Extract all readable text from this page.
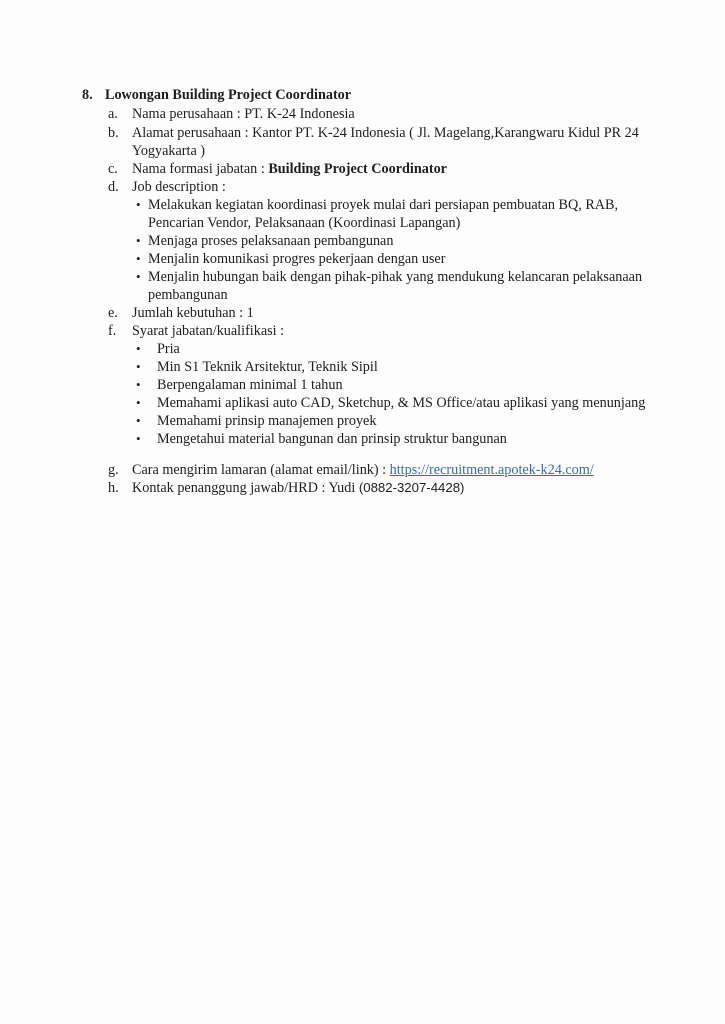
8. Lowongan Building Project Coordinator
a. Nama perusahaan : PT. K-24 Indonesia
b. Alamat perusahaan : Kantor PT. K-24 Indonesia ( Jl. Magelang,Karangwaru Kidul PR 24
Yogyakarta )
c. Nama formasi jabatan : Building Project Coordinator
d. Job description :
• Melakukan kegiatan koordinasi proyek mulai dari persiapan pembuatan BQ, RAB,
Pencarian Vendor, Pelaksanaan (Koordinasi Lapangan)
• Menjaga proses pelaksanaan pembangunan
• Menjalin komunikasi progres pekerjaan dengan user
• Menjalin hubungan baik dengan pihak-pihak yang mendukung kelancaran pelaksanaan
pembangunan
e. Jumlah kebutuhan : 1
f.	Syarat jabatan/kualifikasi :
• Pria
• Min S1 Teknik Arsitektur, Teknik Sipil
• Berpengalaman minimal 1 tahun
• Memahami aplikasi auto CAD, Sketchup, & MS Office/atau aplikasi yang menunjang
• Memahami prinsip manajemen proyek
• Mengetahui material bangunan dan prinsip struktur bangunan
g. Cara mengirim lamaran (alamat email/link) : https://recruitment.apotek-k24.com/
h. Kontak penanggung jawab/HRD : Yudi (0882-3207-4428)
